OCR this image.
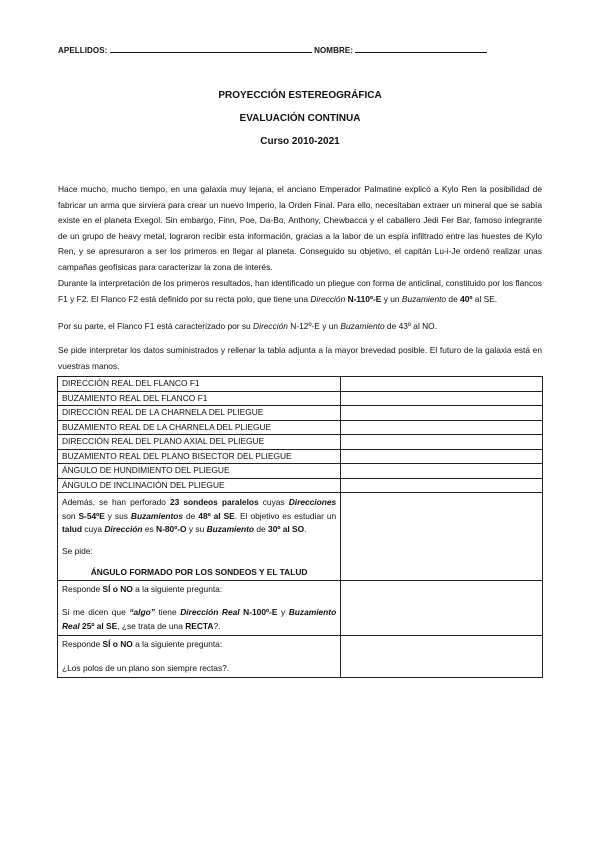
APELLIDOS:	NOMBRE:
PROYECCIÓN ESTEREOGRÁFICA
EVALUACIÓN CONTINUA
Curso 2010-2021
Hace mucho, mucho tiempo, en una galaxia muy lejana, el anciano Emperador Palmatine explicó a Kylo Ren la posibilidad de fabricar un arma que sirviera para crear un nuevo Imperio, la Orden Final. Para ello, necesitaban extraer un mineral que se sabía existe en el planeta Exegol. Sin embargo, Finn, Poe, Da-Bo, Anthony, Chewbacca y el caballero Jedi Fer Bar, famoso integrante de un grupo de heavy metal, lograron recibir esta información, gracias a la labor de un espía infiltrado entre las huestes de Kylo Ren, y se apresuraron a ser los primeros en llegar al planeta. Conseguido su objetivo, el capitán Lu-i-Je ordenó realizar unas campañas geofísicas para caracterizar la zona de interés.
Durante la interpretación de los primeros resultados, han identificado un pliegue con forma de anticlinal, constituido por los flancos F1 y F2. El Flanco F2 está definido por su recta polo, que tiene una Dirección N-110º-E y un Buzamiento de 40º al SE.
Por su parte, el Flanco F1 está caracterizado por su Dirección N-12º-E y un Buzamiento de 43º al NO.
Se pide interpretar los datos suministrados y rellenar la tabla adjunta a la mayor brevedad posible. El futuro de la galaxia está en vuestras manos.
DIRECCIÓN REAL DEL FLANCO F1	
BUZAMIENTO REAL DEL FLANCO F1	
DIRECCIÓN REAL DE LA CHARNELA DEL PLIEGUE	
BUZAMIENTO REAL DE LA CHARNELA DEL PLIEGUE	
DIRECCIÓN REAL DEL PLANO AXIAL DEL PLIEGUE	
BUZAMIENTO REAL DEL PLANO BISECTOR DEL PLIEGUE	
ÁNGULO DE HUNDIMIENTO DEL PLIEGUE	
ÁNGULO DE INCLINACIÓN DEL PLIEGUE	
Además, se han perforado 23 sondeos paralelos cuyas Direcciones son S-54ºE y sus Buzamientos de 48º al SE. El objetivo es estudiar un talud cuya Dirección es N-80º-O y su Buzamiento de 30º al SO.
Se pide:
ÁNGULO FORMADO POR LOS SONDEOS Y EL TALUD	

Responde SÍ o NO a la siguiente pregunta:
Si me dicen que “algo” tiene Dirección Real N-100º-E y Buzamiento Real 25º al SE, ¿se trata de una RECTA?.	

Responde SÍ o NO a la siguiente pregunta:
¿Los polos de un plano son siempre rectas?.	
